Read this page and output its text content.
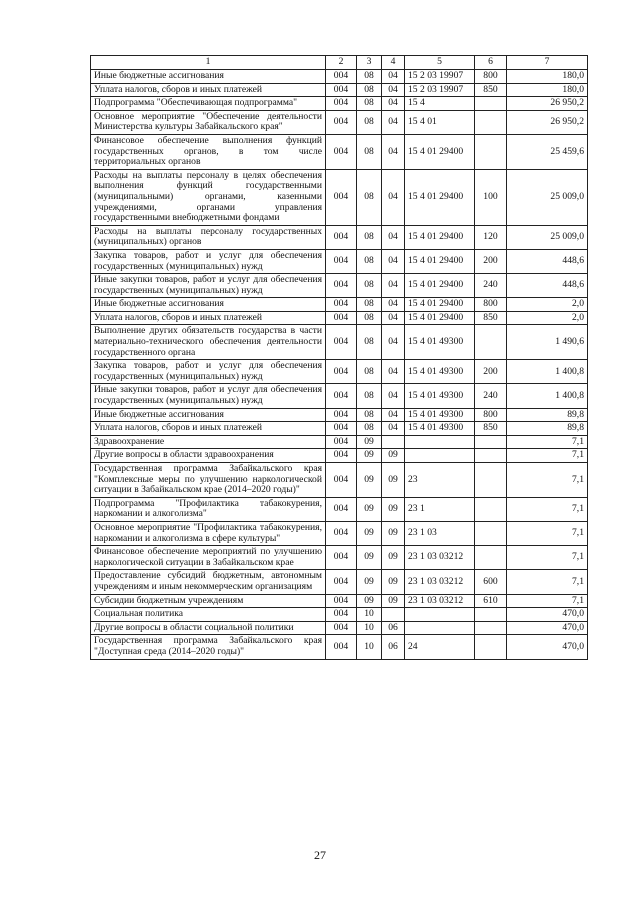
1	2	3	4	5	6	7
Иные бюджетные ассигнования	004	08	04	15 2 03 19907	800	180,0
Уплата налогов, сборов и иных платежей	004	08	04	15 2 03 19907	850	180,0
Подпрограмма "Обеспечивающая подпрограмма"	004	08	04	15 4		26 950,2
Основное мероприятие "Обеспечение деятельности Министерства культуры Забайкальского края"	004	08	04	15 4 01		26 950,2
Финансовое обеспечение выполнения функций государственных органов, в том числе территориальных органов	004	08	04	15 4 01 29400		25 459,6
Расходы на выплаты персоналу в целях обеспечения выполнения функций государственными (муниципальными) органами, казенными учреждениями, органами управления государственными внебюджетными фондами	004	08	04	15 4 01 29400	100	25 009,0
Расходы на выплаты персоналу государственных (муниципальных) органов	004	08	04	15 4 01 29400	120	25 009,0
Закупка товаров, работ и услуг для обеспечения государственных (муниципальных) нужд	004	08	04	15 4 01 29400	200	448,6
Иные закупки товаров, работ и услуг для обеспечения государственных (муниципальных) нужд	004	08	04	15 4 01 29400	240	448,6
Иные бюджетные ассигнования	004	08	04	15 4 01 29400	800	2,0
Уплата налогов, сборов и иных платежей	004	08	04	15 4 01 29400	850	2,0
Выполнение других обязательств государства в части материально-технического обеспечения деятельности государственного органа	004	08	04	15 4 01 49300		1 490,6
Закупка товаров, работ и услуг для обеспечения государственных (муниципальных) нужд	004	08	04	15 4 01 49300	200	1 400,8
Иные закупки товаров, работ и услуг для обеспечения государственных (муниципальных) нужд	004	08	04	15 4 01 49300	240	1 400,8
Иные бюджетные ассигнования	004	08	04	15 4 01 49300	800	89,8
Уплата налогов, сборов и иных платежей	004	08	04	15 4 01 49300	850	89,8
Здравоохранение	004	09				7,1
Другие вопросы в области здравоохранения	004	09	09			7,1
Государственная программа Забайкальского края "Комплексные меры по улучшению наркологической ситуации в Забайкальском крае (2014–2020 годы)"	004	09	09	23		7,1
Подпрограмма "Профилактика табакокурения, наркомании и алкоголизма"	004	09	09	23 1		7,1
Основное мероприятие "Профилактика табакокурения, наркомании и алкоголизма в сфере культуры"	004	09	09	23 1 03		7,1
Финансовое обеспечение мероприятий по улучшению наркологической ситуации в Забайкальском крае	004	09	09	23 1 03 03212		7,1
Предоставление субсидий бюджетным, автономным учреждениям и иным некоммерческим организациям	004	09	09	23 1 03 03212	600	7,1
Субсидии бюджетным учреждениям	004	09	09	23 1 03 03212	610	7,1
Социальная политика	004	10				470,0
Другие вопросы в области социальной политики	004	10	06			470,0
Государственная программа Забайкальского края "Доступная среда (2014–2020 годы)"	004	10	06	24		470,0
27
